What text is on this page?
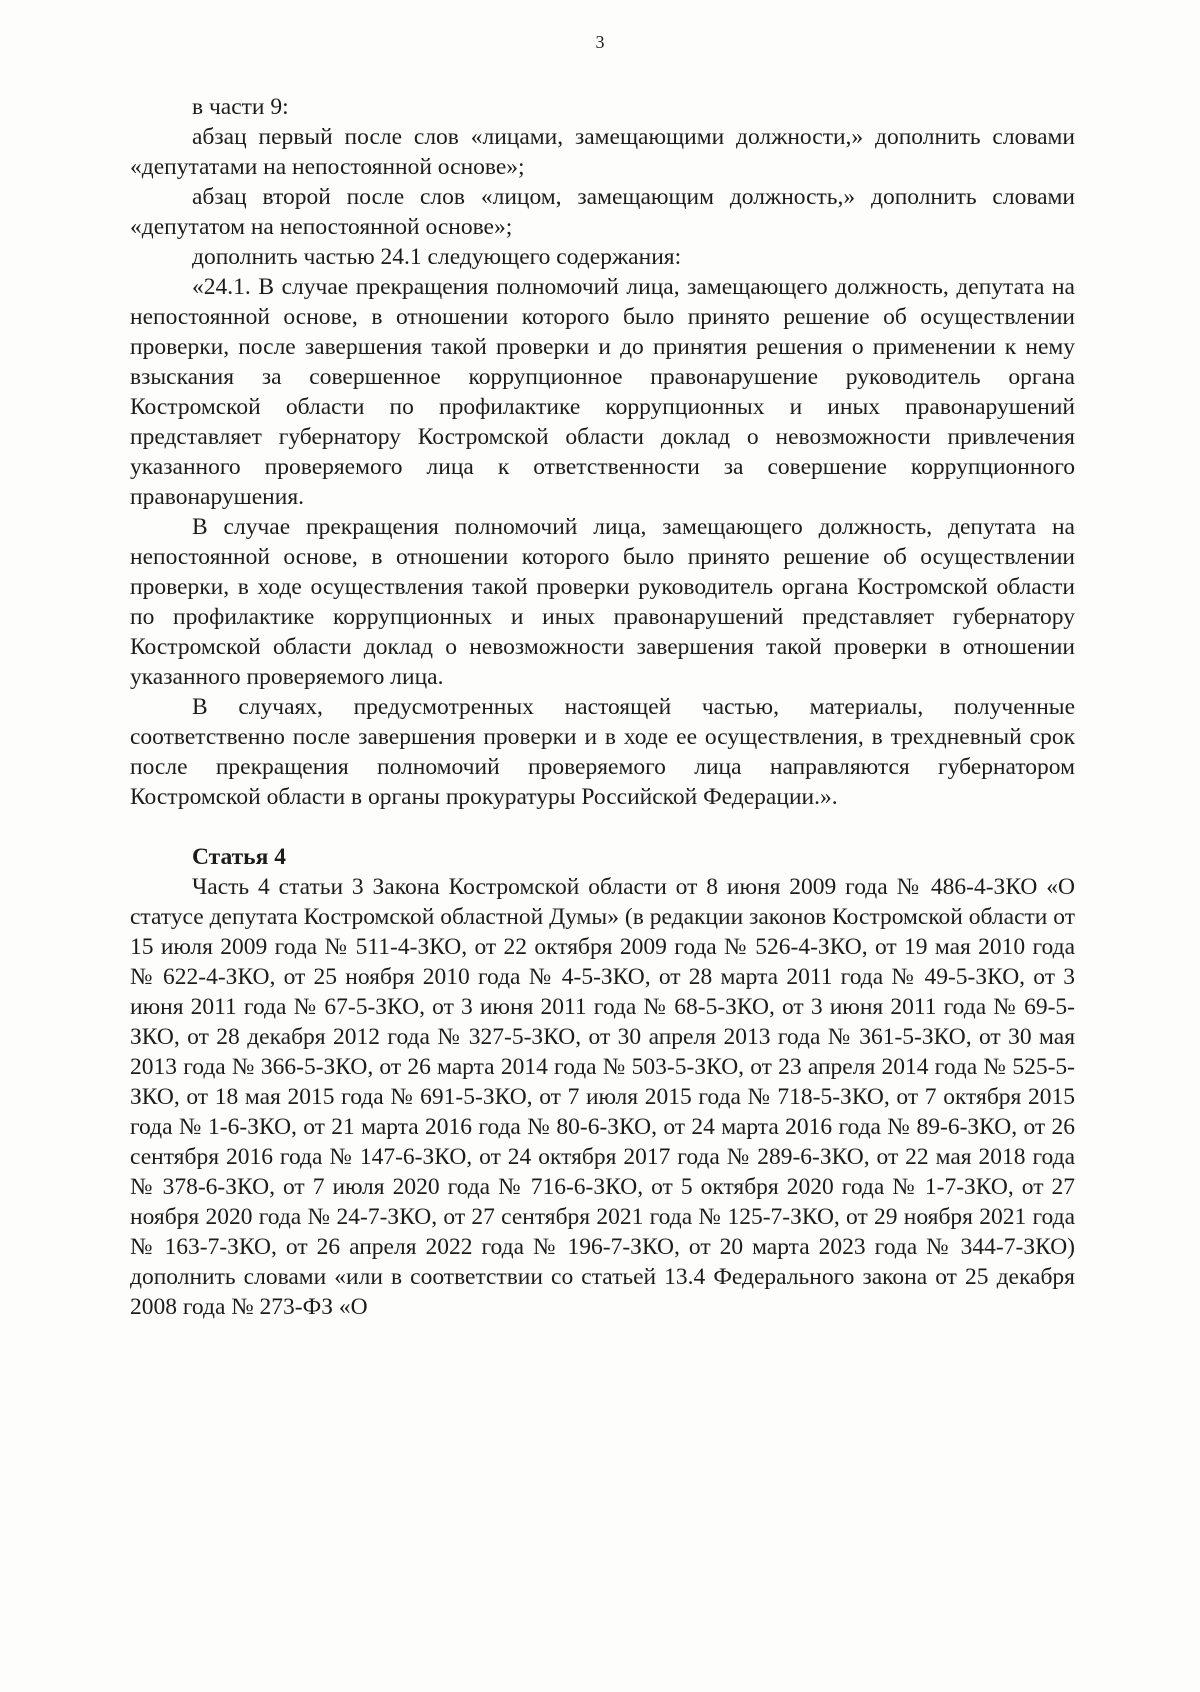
3

в части 9:

абзац первый после слов «лицами, замещающими должности,» дополнить словами «депутатами на непостоянной основе»;

абзац второй после слов «лицом, замещающим должность,» дополнить словами «депутатом на непостоянной основе»;

дополнить частью 24.1 следующего содержания:

«24.1. В случае прекращения полномочий лица, замещающего должность, депутата на непостоянной основе, в отношении которого было принято решение об осуществлении проверки, после завершения такой проверки и до принятия решения о применении к нему взыскания за совершенное коррупционное правонарушение руководитель органа Костромской области по профилактике коррупционных и иных правонарушений представляет губернатору Костромской области доклад о невозможности привлечения указанного проверяемого лица к ответственности за совершение коррупционного правонарушения.

В случае прекращения полномочий лица, замещающего должность, депутата на непостоянной основе, в отношении которого было принято решение об осуществлении проверки, в ходе осуществления такой проверки руководитель органа Костромской области по профилактике коррупционных и иных правонарушений представляет губернатору Костромской области доклад о невозможности завершения такой проверки в отношении указанного проверяемого лица.

В случаях, предусмотренных настоящей частью, материалы, полученные соответственно после завершения проверки и в ходе ее осуществления, в трехдневный срок после прекращения полномочий проверяемого лица направляются губернатором Костромской области в органы прокуратуры Российской Федерации.».

Статья 4

Часть 4 статьи 3 Закона Костромской области от 8 июня 2009 года № 486-4-ЗКО «О статусе депутата Костромской областной Думы» (в редакции законов Костромской области от 15 июля 2009 года № 511-4-ЗКО, от 22 октября 2009 года № 526-4-ЗКО, от 19 мая 2010 года № 622-4-ЗКО, от 25 ноября 2010 года № 4-5-ЗКО, от 28 марта 2011 года № 49-5-ЗКО, от 3 июня 2011 года № 67-5-ЗКО, от 3 июня 2011 года № 68-5-ЗКО, от 3 июня 2011 года № 69-5-ЗКО, от 28 декабря 2012 года № 327-5-ЗКО, от 30 апреля 2013 года № 361-5-ЗКО, от 30 мая 2013 года № 366-5-ЗКО, от 26 марта 2014 года № 503-5-ЗКО, от 23 апреля 2014 года № 525-5-ЗКО, от 18 мая 2015 года № 691-5-ЗКО, от 7 июля 2015 года № 718-5-ЗКО, от 7 октября 2015 года № 1-6-ЗКО, от 21 марта 2016 года № 80-6-ЗКО, от 24 марта 2016 года № 89-6-ЗКО, от 26 сентября 2016 года № 147-6-ЗКО, от 24 октября 2017 года № 289-6-ЗКО, от 22 мая 2018 года № 378-6-ЗКО, от 7 июля 2020 года № 716-6-ЗКО, от 5 октября 2020 года № 1-7-ЗКО, от 27 ноября 2020 года № 24-7-ЗКО, от 27 сентября 2021 года № 125-7-ЗКО, от 29 ноября 2021 года № 163-7-ЗКО, от 26 апреля 2022 года № 196-7-ЗКО, от 20 марта 2023 года № 344-7-ЗКО) дополнить словами «или в соответствии со статьей 13.4 Федерального закона от 25 декабря 2008 года № 273-ФЗ «О
